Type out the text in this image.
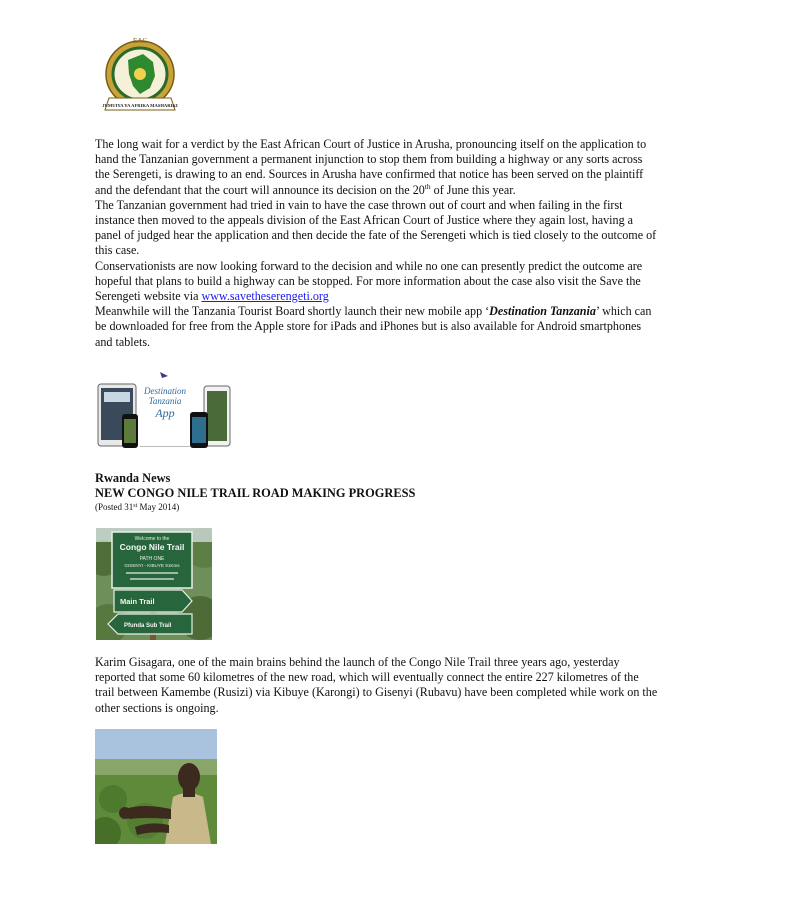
EAC
JUMUIYA YA AFRIKA MASHARIKI

The long wait for a verdict by the East African Court of Justice in Arusha, pronouncing itself on the application to
hand the Tanzanian government a permanent injunction to stop them from building a highway or any sorts across
the Serengeti, is drawing to an end. Sources in Arusha have confirmed that notice has been served on the plaintiff
and the defendant that the court will announce its decision on the 20th of June this year.

The Tanzanian government had tried in vain to have the case thrown out of court and when failing in the first
instance then moved to the appeals division of the East African Court of Justice where they again lost, having a
panel of judged hear the application and then decide the fate of the Serengeti which is tied closely to the outcome of
this case.

Conservationists are now looking forward to the decision and while no one can presently predict the outcome are
hopeful that plans to build a highway can be stopped. For more information about the case also visit the Save the
Serengeti website via www.savetheserengeti.org

Meanwhile will the Tanzania Tourist Board shortly launch their new mobile app ‘Destination Tanzania’ which can
be downloaded for free from the Apple store for iPads and iPhones but is also available for Android smartphones
and tablets.

Destination
Tanzania
App
Rwanda News
NEW CONGO NILE TRAIL ROAD MAKING PROGRESS
(Posted 31st May 2014)
Welcome to the
Congo Nile Trail
PATH ONE
GISENYI - KIBUYE 91Kms
Main Trail
Pfunda Sub Trail

Karim Gisagara, one of the main brains behind the launch of the Congo Nile Trail three years ago, yesterday
reported that some 60 kilometres of the new road, which will eventually connect the entire 227 kilometres of the
trail between Kamembe (Rusizi) via Kibuye (Karongi) to Gisenyi (Rubavu) have been completed while work on the
other sections is ongoing.
